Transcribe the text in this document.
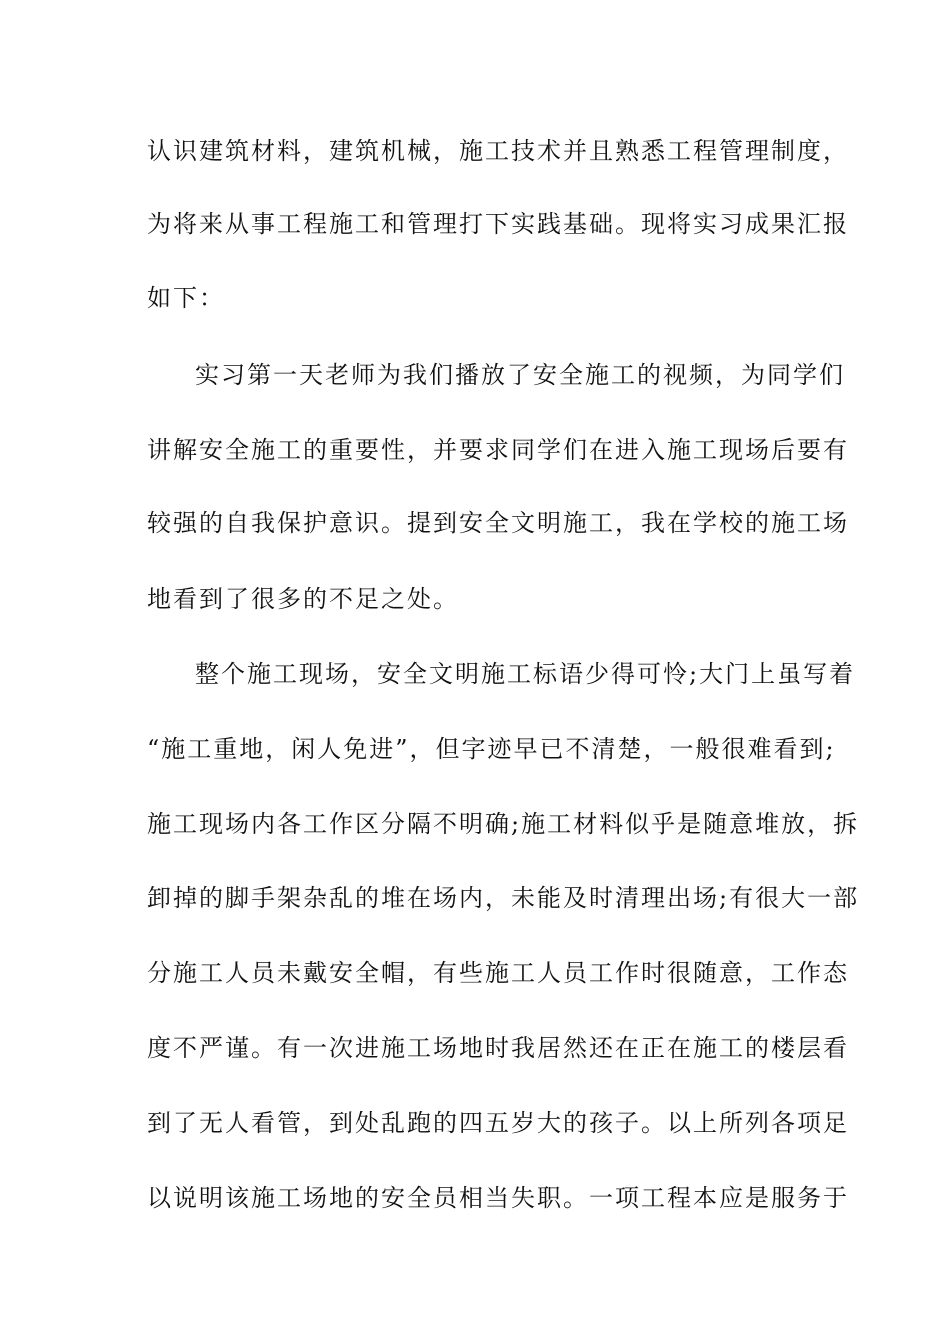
认识建筑材料，建筑机械，施工技术并且熟悉工程管理制度，
为将来从事工程施工和管理打下实践基础。现将实习成果汇报
如下：
实习第一天老师为我们播放了安全施工的视频，为同学们
讲解安全施工的重要性，并要求同学们在进入施工现场后要有
较强的自我保护意识。提到安全文明施工，我在学校的施工场
地看到了很多的不足之处。
整个施工现场，安全文明施工标语少得可怜;大门上虽写着
“施工重地，闲人免进”，但字迹早已不清楚，一般很难看到;
施工现场内各工作区分隔不明确;施工材料似乎是随意堆放，拆
卸掉的脚手架杂乱的堆在场内，未能及时清理出场;有很大一部
分施工人员未戴安全帽，有些施工人员工作时很随意，工作态
度不严谨。有一次进施工场地时我居然还在正在施工的楼层看
到了无人看管，到处乱跑的四五岁大的孩子。以上所列各项足
以说明该施工场地的安全员相当失职。一项工程本应是服务于
